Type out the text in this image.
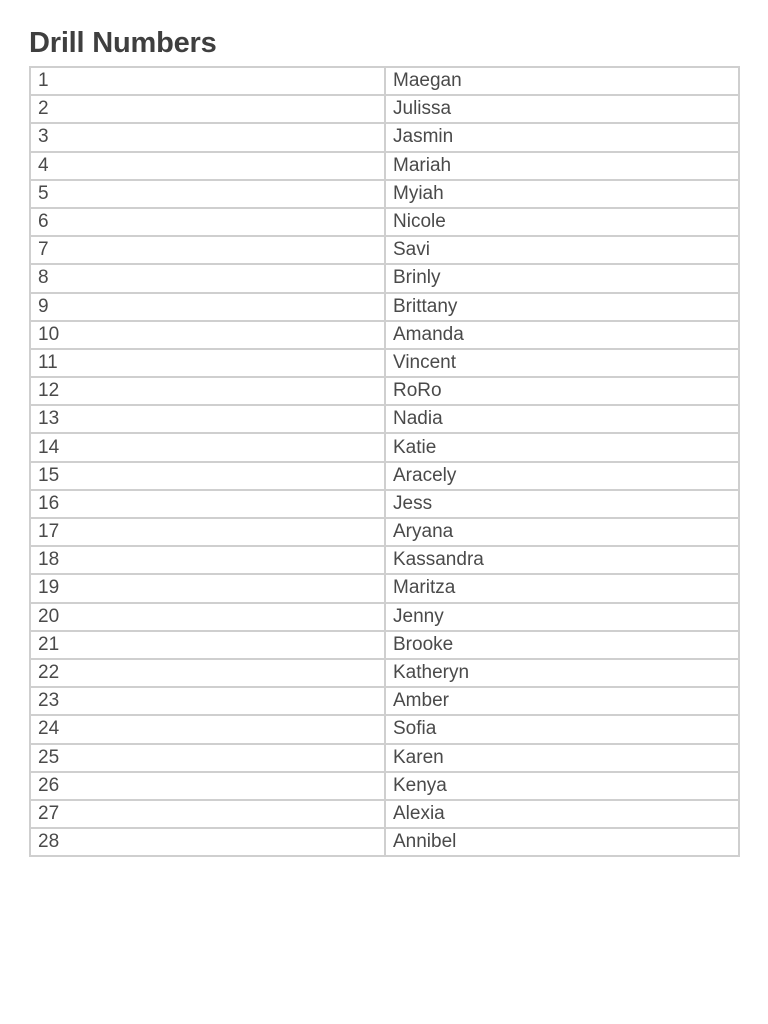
Drill Numbers
1	Maegan
2	Julissa
3	Jasmin
4	Mariah
5	Myiah
6	Nicole
7	Savi
8	Brinly
9	Brittany
10	Amanda
11	Vincent
12	RoRo
13	Nadia
14	Katie
15	Aracely
16	Jess
17	Aryana
18	Kassandra
19	Maritza
20	Jenny
21	Brooke
22	Katheryn
23	Amber
24	Sofia
25	Karen
26	Kenya
27	Alexia
28	Annibel
